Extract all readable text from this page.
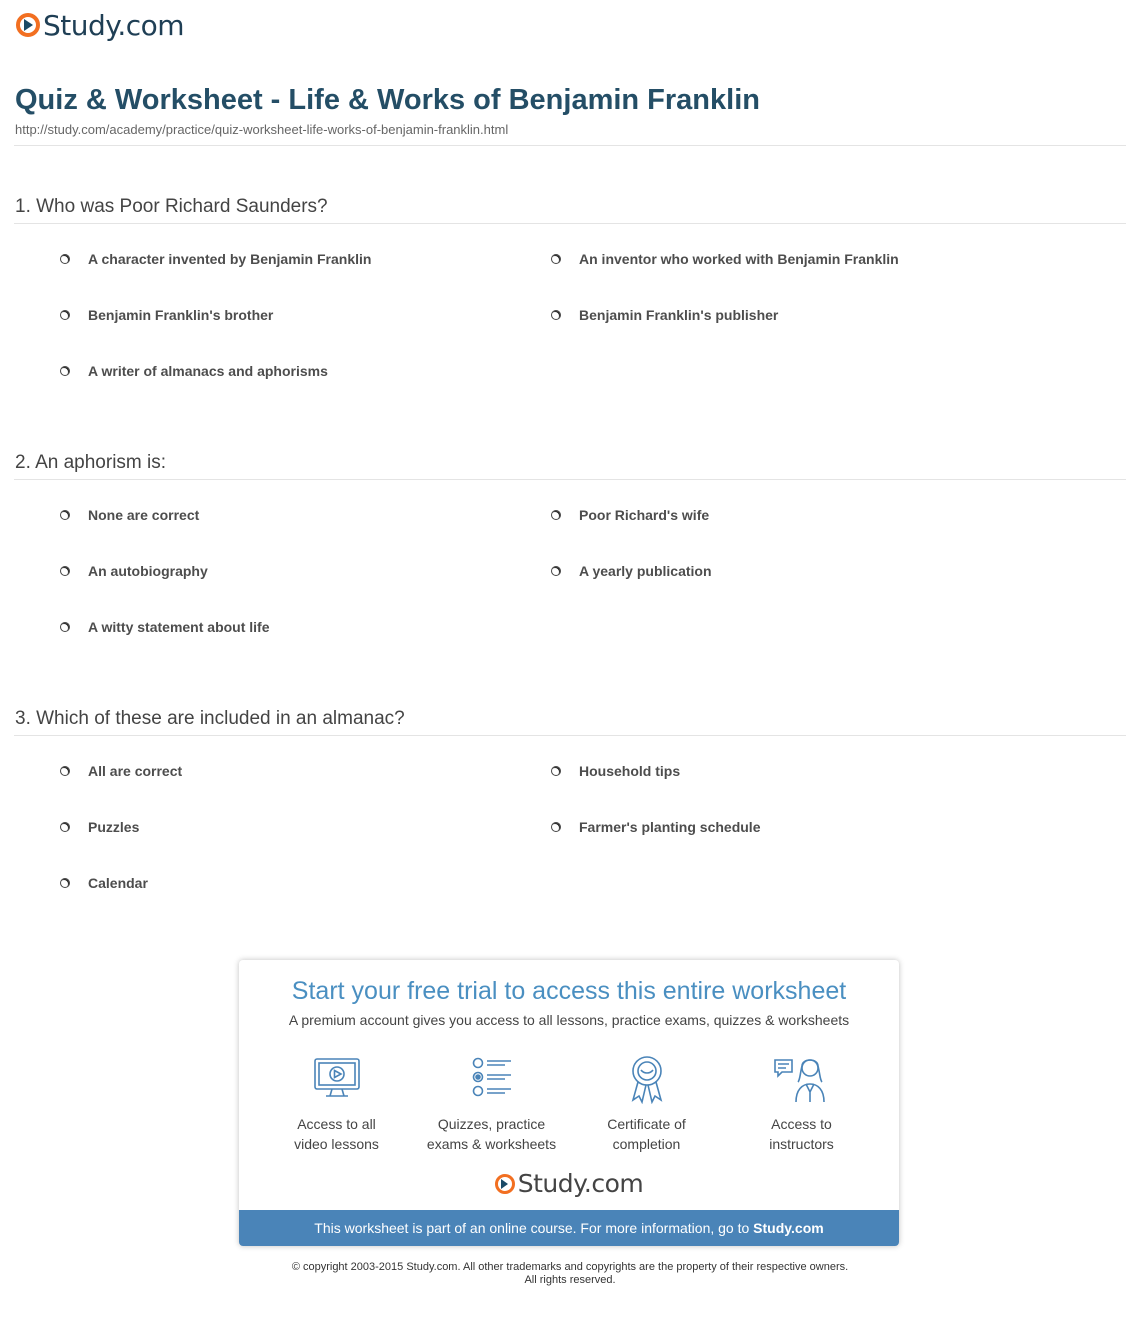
Study.com
Quiz & Worksheet - Life & Works of Benjamin Franklin
http://study.com/academy/practice/quiz-worksheet-life-works-of-benjamin-franklin.html
1. Who was Poor Richard Saunders?
A character invented by Benjamin Franklin	An inventor who worked with Benjamin Franklin
Benjamin Franklin's brother	Benjamin Franklin's publisher
A writer of almanacs and aphorisms
2. An aphorism is:
None are correct	Poor Richard's wife
An autobiography	A yearly publication
A witty statement about life
3. Which of these are included in an almanac?
All are correct	Household tips
Puzzles	Farmer's planting schedule
Calendar
Start your free trial to access this entire worksheet
A premium account gives you access to all lessons, practice exams, quizzes & worksheets
Access to all
video lessons
Quizzes, practice
exams & worksheets
Certificate of
completion
Access to
instructors
Study.com
This worksheet is part of an online course. For more information, go to Study.com
© copyright 2003-2015 Study.com. All other trademarks and copyrights are the property of their respective owners.
All rights reserved.
